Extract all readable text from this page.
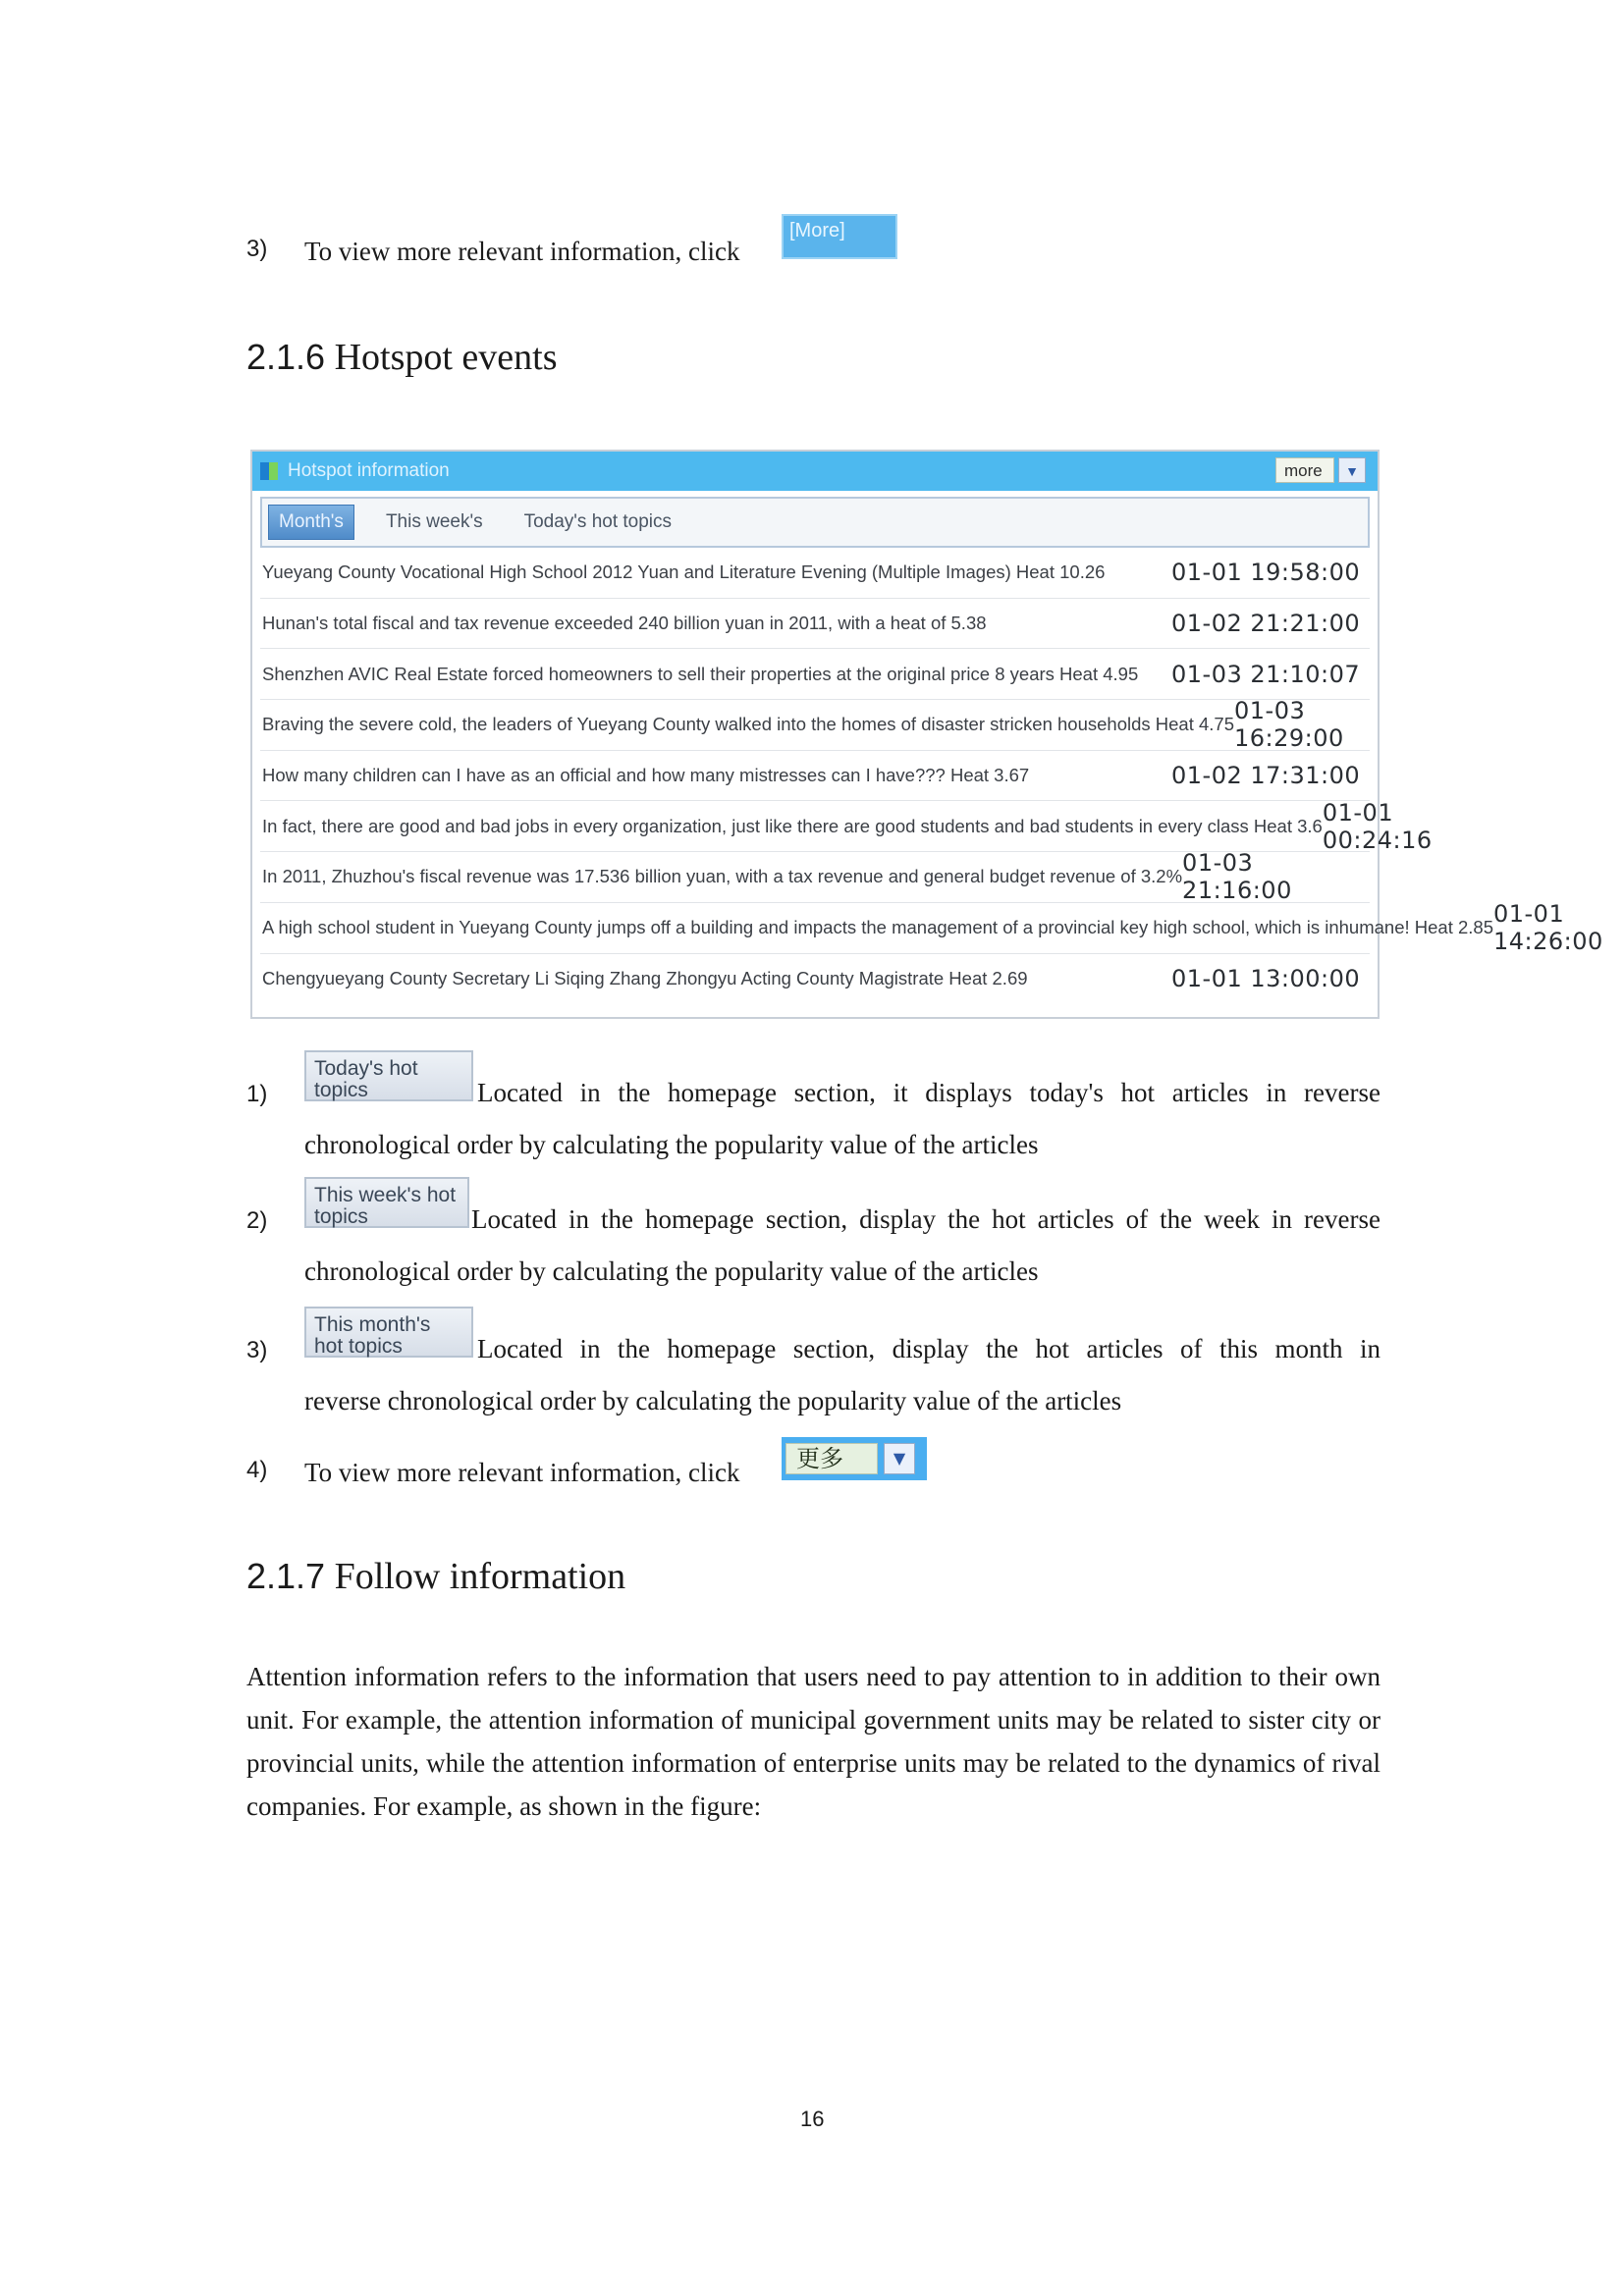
3) To view more relevant information, click
[More]
2.1.6 Hotspot events
Hotspot information	more	▼
Month's	This week's	Today's hot topics
Yueyang County Vocational High School 2012 Yuan and Literature Evening (Multiple Images) Heat 10.26	01-01 19:58:00
Hunan's total fiscal and tax revenue exceeded 240 billion yuan in 2011, with a heat of 5.38	01-02 21:21:00
Shenzhen AVIC Real Estate forced homeowners to sell their properties at the original price 8 years Heat 4.95	01-03 21:10:07
Braving the severe cold, the leaders of Yueyang County walked into the homes of disaster stricken households Heat 4.75 01-03 16:29:00
How many children can I have as an official and how many mistresses can I have??? Heat 3.67	01-02 17:31:00
In fact, there are good and bad jobs in every organization, just like there are good students and bad students in every class Heat 3.6 01-01 00:24:16
In 2011, Zhuzhou's fiscal revenue was 17.536 billion yuan, with a tax revenue and general budget revenue of 3.2% 01-03 21:16:00
A high school student in Yueyang County jumps off a building and impacts the management of a provincial key high school, which is inhumane! Heat 2.85 01-01 14:26:00
Chengyueyang County Secretary Li Siqing Zhang Zhongyu Acting County Magistrate Heat 2.69	01-01 13:00:00
1)
Today's hot topics	Located in the homepage section, it displays today's hot articles in reverse
chronological order by calculating the popularity value of the articles
2)
This week's hot topics	Located in the homepage section, display the hot articles of the week in reverse
chronological order by calculating the popularity value of the articles
3)
This month's hot topics	Located in the homepage section, display the hot articles of this month in
reverse chronological order by calculating the popularity value of the articles
4) To view more relevant information, click	更多	▼
2.1.7 Follow information
Attention information refers to the information that users need to pay attention to in addition to their own unit. For example, the attention information of municipal government units may be related to sister city or provincial units, while the attention information of enterprise units may be related to the dynamics of rival companies. For example, as shown in the figure:
16
